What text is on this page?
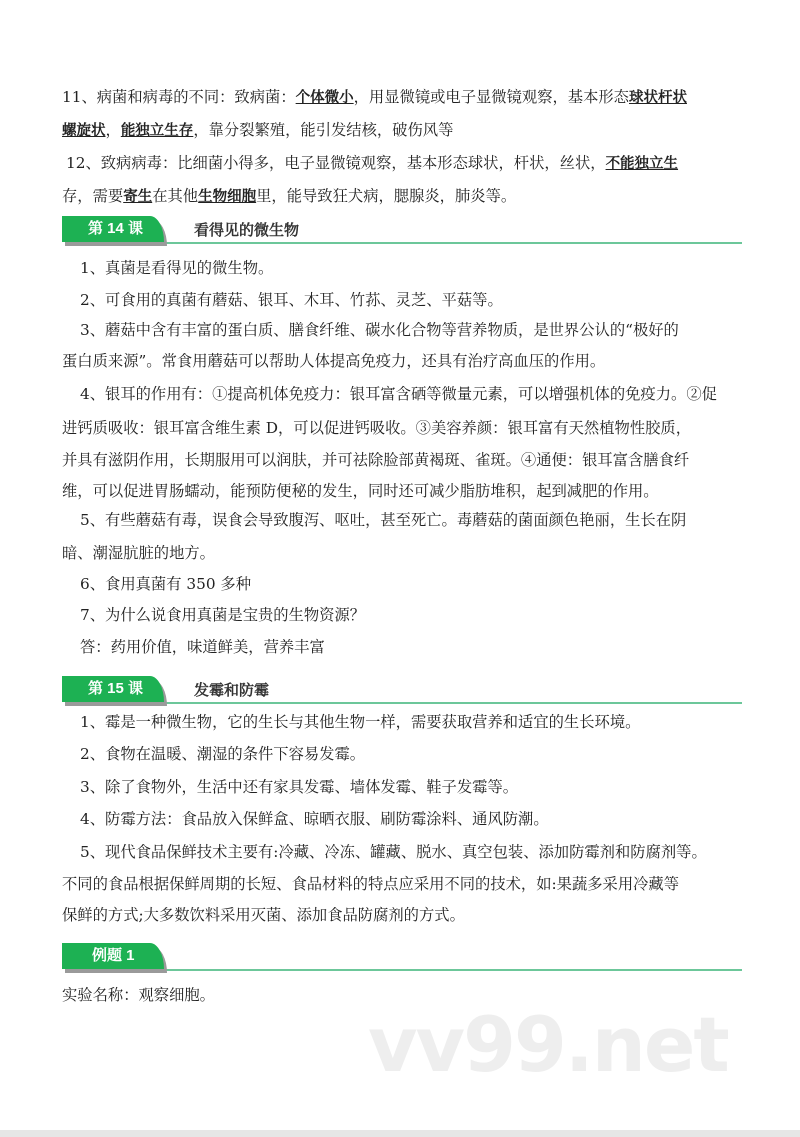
11、病菌和病毒的不同：致病菌：个体微小，用显微镜或电子显微镜观察，基本形态球状杆状
螺旋状，能独立生存，靠分裂繁殖，能引发结核，破伤风等
12、致病病毒：比细菌小得多，电子显微镜观察，基本形态球状，杆状，丝状，不能独立生
存，需要寄生在其他生物细胞里，能导致狂犬病，腮腺炎，肺炎等。
第 14 课	看得见的微生物
1、真菌是看得见的微生物。
2、可食用的真菌有蘑菇、银耳、木耳、竹荪、灵芝、平菇等。
3、蘑菇中含有丰富的蛋白质、膳食纤维、碳水化合物等营养物质，是世界公认的“极好的
蛋白质来源”。常食用蘑菇可以帮助人体提高免疫力，还具有治疗高血压的作用。
4、银耳的作用有：①提高机体免疫力：银耳富含硒等微量元素，可以增强机体的免疫力。②促
进钙质吸收：银耳富含维生素 D，可以促进钙吸收。③美容养颜：银耳富有天然植物性胶质，
并具有滋阴作用，长期服用可以润肤，并可祛除脸部黄褐斑、雀斑。④通便：银耳富含膳食纤
维，可以促进胃肠蠕动，能预防便秘的发生，同时还可减少脂肪堆积，起到减肥的作用。
5、有些蘑菇有毒，误食会导致腹泻、呕吐，甚至死亡。毒蘑菇的菌面颜色艳丽，生长在阴
暗、潮湿肮脏的地方。
6、食用真菌有 350 多种
7、为什么说食用真菌是宝贵的生物资源？
答：药用价值，味道鲜美，营养丰富
第 15 课	发霉和防霉
1、霉是一种微生物，它的生长与其他生物一样，需要获取营养和适宜的生长环境。
2、食物在温暖、潮湿的条件下容易发霉。
3、除了食物外，生活中还有家具发霉、墙体发霉、鞋子发霉等。
4、防霉方法：食品放入保鲜盒、晾晒衣服、刷防霉涂料、通风防潮。
5、现代食品保鲜技术主要有:冷藏、冷冻、罐藏、脱水、真空包装、添加防霉剂和防腐剂等。
不同的食品根据保鲜周期的长短、食品材料的特点应采用不同的技术，如:果蔬多采用冷藏等
保鲜的方式;大多数饮料采用灭菌、添加食品防腐剂的方式。
例题 1
实验名称：观察细胞。
vv99.net
